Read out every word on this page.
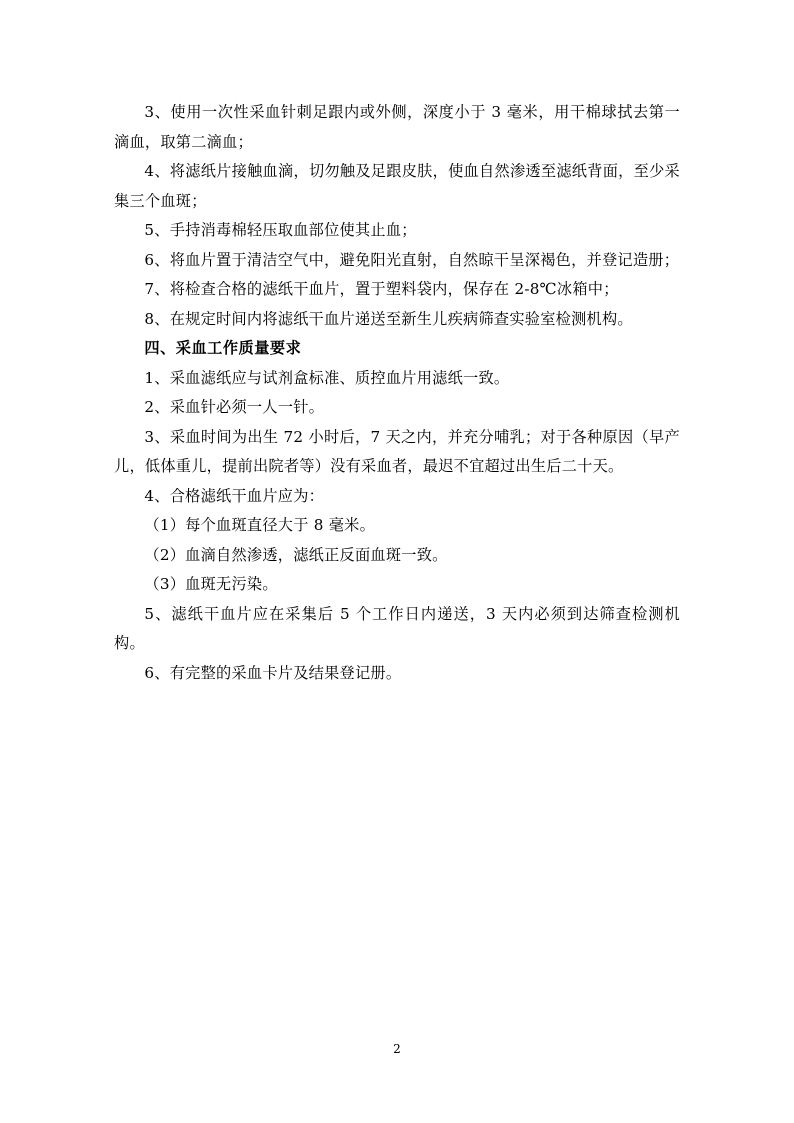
3、使用一次性采血针刺足跟内或外侧，深度小于 3 毫米，用干棉球拭去第一滴血，取第二滴血；

4、将滤纸片接触血滴，切勿触及足跟皮肤，使血自然渗透至滤纸背面，至少采集三个血斑；

5、手持消毒棉轻压取血部位使其止血；

6、将血片置于清洁空气中，避免阳光直射，自然晾干呈深褐色，并登记造册；

7、将检查合格的滤纸干血片，置于塑料袋内，保存在 2-8℃冰箱中；

8、在规定时间内将滤纸干血片递送至新生儿疾病筛查实验室检测机构。

四、采血工作质量要求

1、采血滤纸应与试剂盒标准、质控血片用滤纸一致。

2、采血针必须一人一针。

3、采血时间为出生 72 小时后，7 天之内，并充分哺乳；对于各种原因（早产儿，低体重儿，提前出院者等）没有采血者，最迟不宜超过出生后二十天。

4、合格滤纸干血片应为：

（1）每个血斑直径大于 8 毫米。

（2）血滴自然渗透，滤纸正反面血斑一致。

（3）血斑无污染。

5、滤纸干血片应在采集后 5 个工作日内递送，3 天内必须到达筛查检测机构。

6、有完整的采血卡片及结果登记册。

2
